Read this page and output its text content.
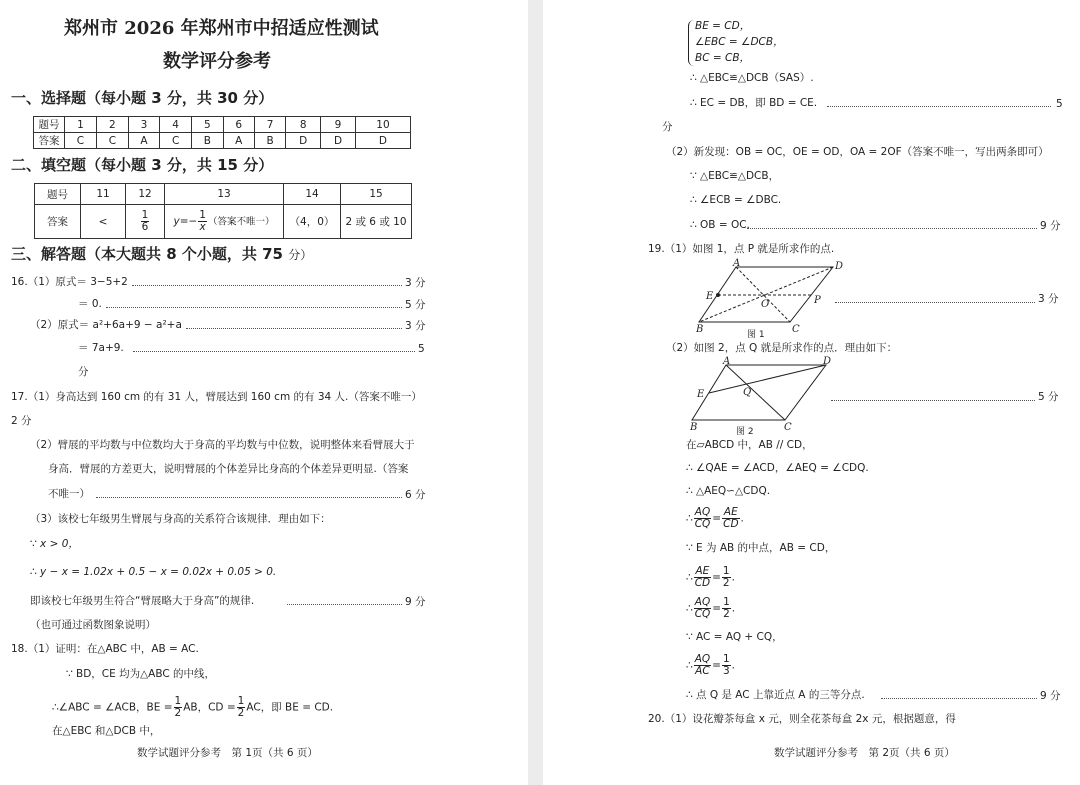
郑州市 2026 年郑州市中招适应性测试
数学评分参考
一、选择题（每小题 3 分，共 30 分）
题号	1	2	3	4	5	6	7	8	9	10
答案	C	C	A	C	B	A	B	D	D	D
二、填空题（每小题 3 分，共 15 分）
题号	11	12	13	14	15
答案	<	$\frac{1}{6}$	$y=- \frac{1}{x}$ （答案不唯一）	（4，0）	2 或 6 或 10
三、解答题（本大题共 8 个小题，共 75 分）
16.（1）原式＝ 3−5+2	3 分
＝ 0.	5 分
（2）原式＝ a²+6a+9 − a²+a	3 分
＝ 7a+9.	5
分
17.（1）身高达到 160 cm 的有 31 人，臂展达到 160 cm 的有 34 人.（答案不唯一）
2 分
（2）臂展的平均数与中位数均大于身高的平均数与中位数，说明整体来看臂展大于
身高．臂展的方差更大，说明臂展的个体差异比身高的个体差异更明显.（答案
不唯一）	6 分
（3）该校七年级男生臂展与身高的关系符合该规律．理由如下：
∵ x > 0，
∴ y − x = 1.02x + 0.5 − x = 0.02x + 0.05 > 0.
即该校七年级男生符合“臂展略大于身高”的规律.	9 分
（也可通过函数图象说明）
18.（1）证明：在△ABC 中，AB = AC.
∵ BD，CE 均为△ABC 的中线，
∴∠ABC = ∠ACB，BE = $\frac{1}{2}$ AB，CD = $\frac{1}{2}$ AC，即 BE = CD.
在△EBC 和△DCB 中，
数学试题评分参考　第 1页（共 6 页）
BE = CD，
∠EBC = ∠DCB，
BC = CB，
∴ △EBC≌△DCB（SAS）.
∴ EC = DB，即 BD = CE.	5
分
（2）新发现：OB = OC，OE = OD，OA = 2OF（答案不唯一，写出两条即可）
∵ △EBC≌△DCB，
∴ ∠ECB = ∠DBC.
∴ OB = OC.	9 分
19.（1）如图 1，点 P 就是所求作的点.
A	D
E
O	P
B	C
图 1
3 分
（2）如图 2，点 Q 就是所求作的点．理由如下：
A	D
E	Q
B	C
图 2
5 分
在▱ABCD 中，AB // CD，
∴ ∠QAE = ∠ACD，∠AEQ = ∠CDQ.
∴ △AEQ∽△CDQ.
∴ $\frac{AQ}{CQ} = \frac{AE}{CD}$ .
∵ E 为 AB 的中点，AB = CD，
∴ $\frac{AE}{CD} = \frac{1}{2}$ .
∴ $\frac{AQ}{CQ} = \frac{1}{2}$ .
∵ AC = AQ + CQ，
∴ $\frac{AQ}{AC} = \frac{1}{3}$ .
∴ 点 Q 是 AC 上靠近点 A 的三等分点.	9 分
20.（1）设花瓣茶每盒 x 元，则全花茶每盒 2x 元，根据题意，得
数学试题评分参考　第 2页（共 6 页）
